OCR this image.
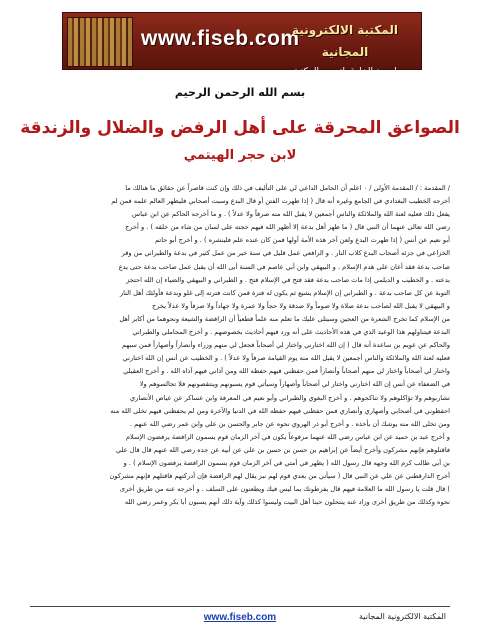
www.fiseb.com
المكتبة الالكترونية المجانية
لمسة الخارق لتميزه المكتبة الإلكتروني
بسم الله الرحمن الرحيم
الصواعق المحرقة على أهل الرفض والضلال والزندقة
لابن حجر الهيتمي

/ المقدمة : / المقدمة الأولى / ٠ اعلم أن الحامل الداعي لي على التأليف في ذلك وإن كنت قاصراً عن حقائق ما هنالك ما

أخرجه الخطيب البغدادي في الجامع وغيره أنه قال ( إذا ظهرت الفتن أو قال البدع وسبت أصحابي فليظهر العالم علمه فمن لم

يفعل ذلك فعليه لعنة الله والملائكة والناس أجمعين لا يقبل الله منه صرفاً ولا عدلاً ) . و ما أخرجه الحاكم عن ابن عباس

رضي الله تعالى عنهما أن النبي قال ( ما ظهر أهل بدعة إلا أظهر الله فيهم حجته على لسان من شاء من خلقه ) . و أخرج

أبو نعيم عن أنس ( إذا ظهرت البدع ولعن آخر هذه الأمة أولها فمن كان عنده علم فلينشره ) . و أخرج أبو حاتم

الخزاعي في جزئه أصحاب البدع كلاب النار . و الرافعي عمل قليل في سنة خير من عمل كثير في بدعة والطبراني من وقر

صاحب بدعة فقد أعان على هدم الإسلام . و البيهقي وابن أبي عاصم في السنة أبى الله أن يقبل عمل صاحب بدعة حتى يدع

بدعته . و الخطيب و الديلمي إذا مات صاحب بدعة فقد فتح في الإسلام فتح . و الطبراني و البيهقي والضياء إن الله احتجز

التوبة عن كل صاحب بدعة . و الطبراني إن الإسلام يشيع ثم يكون له فترة فمن كانت فترته إلى غلو وبدعة فأولئك أهل النار

و البيهقي لا يقبل الله لصاحب بدعة صلاة ولا صوماً ولا صدقة ولا حجاً ولا عمرة ولا جهاداً ولا صرفاً ولا عدلاً يخرج

من الإسلام كما تخرج الشعرة من العجين وسيتلى عليك ما تعلم منه علماً قطعياً أن الرافضة والشيعة ونحوهما من أكابر أهل

البدعة فيتناولهم هذا الوعيد الذي في هذه الأحاديث على أنه ورد فيهم أحاديث بخصوصهم . و أخرج المحاملي والطبراني

والحاكم عن عويم بن ساعدة أنه قال ( إن الله اختارني واختار لي أصحاباً فجعل لي منهم وزراء وأنصاراً وأصهاراً فمن سبهم

فعليه لعنة الله والملائكة والناس أجمعين لا يقبل الله منه يوم القيامة صرفاً ولا عدلاً ) . و الخطيب عن أنس إن الله اختارني

واختار لي أصحاباً واختار لي منهم أصحاباً وأنصاراً فمن حفظني فيهم حفظه الله ومن آذاني فيهم آذاه الله . و أخرج العقيلي

في الضعفاء عن أنس إن الله اختارني واختار لي أصحاباً وأصهاراً وسيأتي قوم يسبونهم وينتقصونهم فلا تجالسوهم ولا

تشاربوهم ولا تؤاكلوهم ولا تناكحوهم . و أخرج البغوي والطبراني وأبو نعيم في المعرفة وابن عساكر عن عياض الأنصاري

احفظوني في أصحابي وأصهاري وأنصاري فمن حفظني فيهم حفظه الله في الدنيا والآخرة ومن لم يحفظني فيهم تخلى الله منه

ومن تخلى الله منه يوشك أن يأخذه . و أخرج أبو ذر الهروي نحوه عن جابر والحسن بن علي وابن عمر رضي الله عنهم .

و أخرج عبد بن حميد عن ابن عباس رضي الله عنهما مرفوعاً يكون في آخر الزمان قوم يسمون الرافضة يرفضون الإسلام

فاقتلوهم فإنهم مشركون وأخرج أيضاً عن إبراهيم بن حسن بن حسن بن علي عن أبيه عن جده رضي الله عنهم قال قال علي

بن أبي طالب كرم الله وجهه قال رسول الله ( يظهر في أمتي في آخر الزمان قوم يسمون الرافضة يرفضون الإسلام ) . و

أخرج الدارقطني عن علي عن النبي قال ( سيأتي من بعدي قوم لهم نبز يقال لهم الرافضة فإن أدركتهم فاقتلهم فإنهم مشركون

) قال قلت يا رسول الله ما العلامة فيهم قال يفرطونك بما ليس فيك ويطعنون على السلف . و أخرجه عنه من طريق أخرى

نحوه وكذلك من طريق أخرى وزاد عنه ينتحلون حبنا أهل البيت وليسوا كذلك وآية ذلك أنهم يسبون أبا بكر وعمر رضي الله

www.fiseb.com	المكتبة الالكترونية المجانية
